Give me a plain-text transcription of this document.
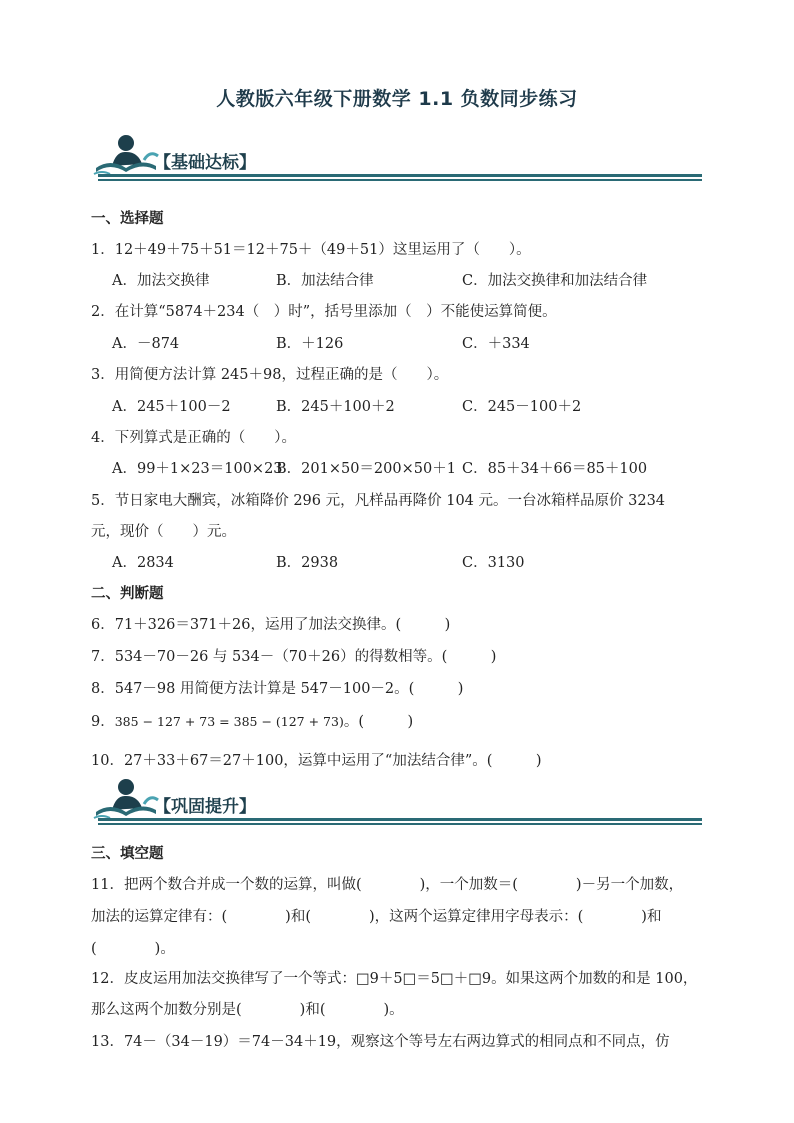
人教版六年级下册数学 1.1 负数同步练习
【基础达标】
一、选择题
1．12＋49＋75＋51＝12＋75＋（49＋51）这里运用了（　　）。
A．加法交换律	B．加法结合律	C．加法交换律和加法结合律
2．在计算“5874＋234（　）时”，括号里添加（　）不能使运算简便。
A．－874	B．＋126	C．＋334
3．用简便方法计算 245＋98，过程正确的是（　　）。
A．245＋100－2	B．245＋100＋2	C．245－100＋2
4．下列算式是正确的（　　）。
A．99＋1×23＝100×23
B．201×50＝200×50＋1 C．85＋34＋66＝85＋100
5．节日家电大酬宾，冰箱降价 296 元，凡样品再降价 104 元。一台冰箱样品原价 3234
元，现价（　　）元。
A．2834	B．2938	C．3130
二、判断题
6．71＋326＝371＋26，运用了加法交换律。(　　　)
7．534－70－26 与 534－（70＋26）的得数相等。(　　　)
8．547－98 用简便方法计算是 547－100－2。(　　　)
9．385 − 127 + 73 = 385 − (127 + 73)。(　　　)
10．27＋33＋67＝27＋100，运算中运用了“加法结合律”。(　　　)
【巩固提升】
三、填空题
11．把两个数合并成一个数的运算，叫做(　　　　)，一个加数＝(　　　　)－另一个加数，
加法的运算定律有：(　　　　)和(　　　　)，这两个运算定律用字母表示：(　　　　)和
(　　　　)。
12．皮皮运用加法交换律写了一个等式：□9＋5□＝5□＋□9。如果这两个加数的和是 100，
那么这两个加数分别是(　　　　)和(　　　　)。
13．74－（34－19）＝74－34＋19，观察这个等号左右两边算式的相同点和不同点，仿
